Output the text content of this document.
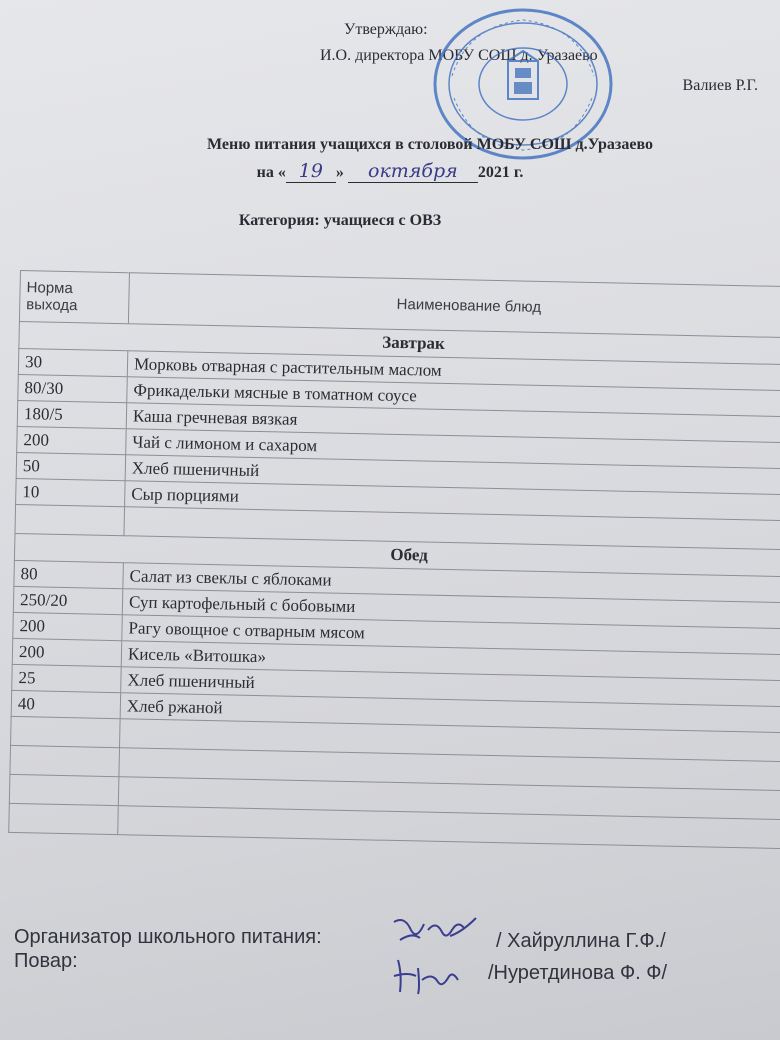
Утверждаю:
И.О. директора МОБУ СОШ д. Уразаево
Валиев Р.Г.
Меню питания учащихся в столовой МОБУ СОШ д.Уразаево
на « 19 » октября 2021 г.
Категория: учащиеся с ОВЗ
Норма выхода	Наименование блюд
Завтрак	
30	Морковь отварная с растительным маслом
80/30	Фрикадельки мясные в томатном соусе
180/5	Каша гречневая вязкая
200	Чай с лимоном и сахаром
50	Хлеб пшеничный
10	Сыр порциями

Обед	
80	Салат из свеклы с яблоками
250/20	Суп картофельный с бобовыми
200	Рагу овощное с отварным мясом
200	Кисель «Витошка»
25	Хлеб пшеничный
40	Хлеб ржаной

Организатор школьного питания:
Повар:
/ Хайруллина Г.Ф./
/Нуретдинова Ф. Ф/
